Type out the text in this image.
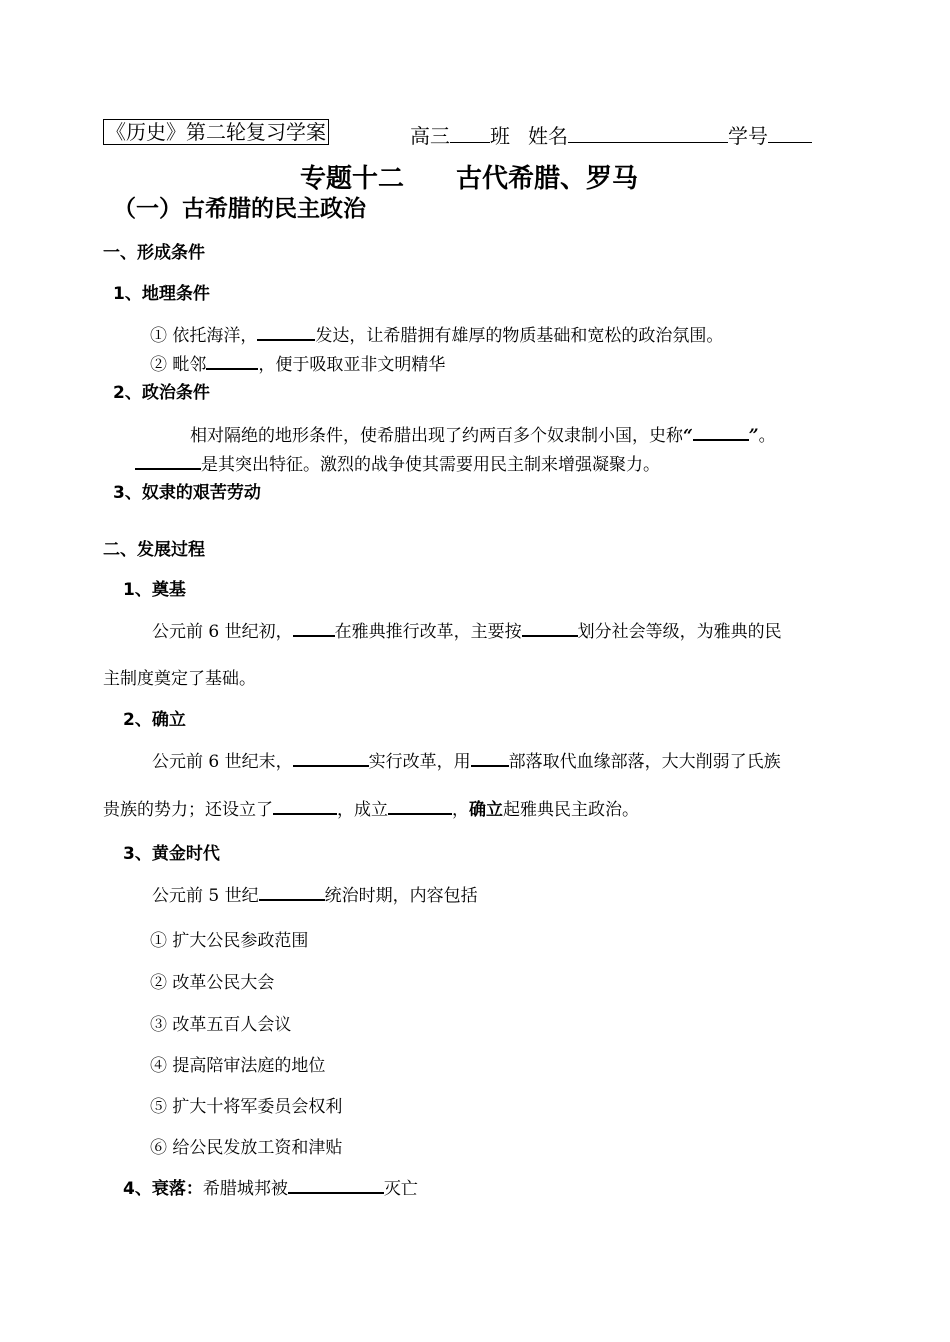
《历史》第二轮复习学案	高三 班 姓名	学号
专题十二 古代希腊、罗马
（一）古希腊的民主政治
一、形成条件
1、地理条件
① 依托海洋，	发达，让希腊拥有雄厚的物质基础和宽松的政治氛围。
② 毗邻	，便于吸取亚非文明精华
2、政治条件
相对隔绝的地形条件，使希腊出现了约两百多个奴隶制小国，史称“	”。
是其突出特征。激烈的战争使其需要用民主制来增强凝聚力。
3、奴隶的艰苦劳动
二、发展过程
1、奠基
公元前 6 世纪初， 在雅典推行改革，主要按	划分社会等级，为雅典的民
主制度奠定了基础。
2、确立
公元前 6 世纪末，	实行改革，用 部落取代血缘部落，大大削弱了氏族
贵族的势力；还设立了	，成立	，确立起雅典民主政治。
3、黄金时代
公元前 5 世纪	统治时期，内容包括
① 扩大公民参政范围
② 改革公民大会
③ 改革五百人会议
④ 提高陪审法庭的地位
⑤ 扩大十将军委员会权利
⑥ 给公民发放工资和津贴
4、衰落：希腊城邦被	灭亡
